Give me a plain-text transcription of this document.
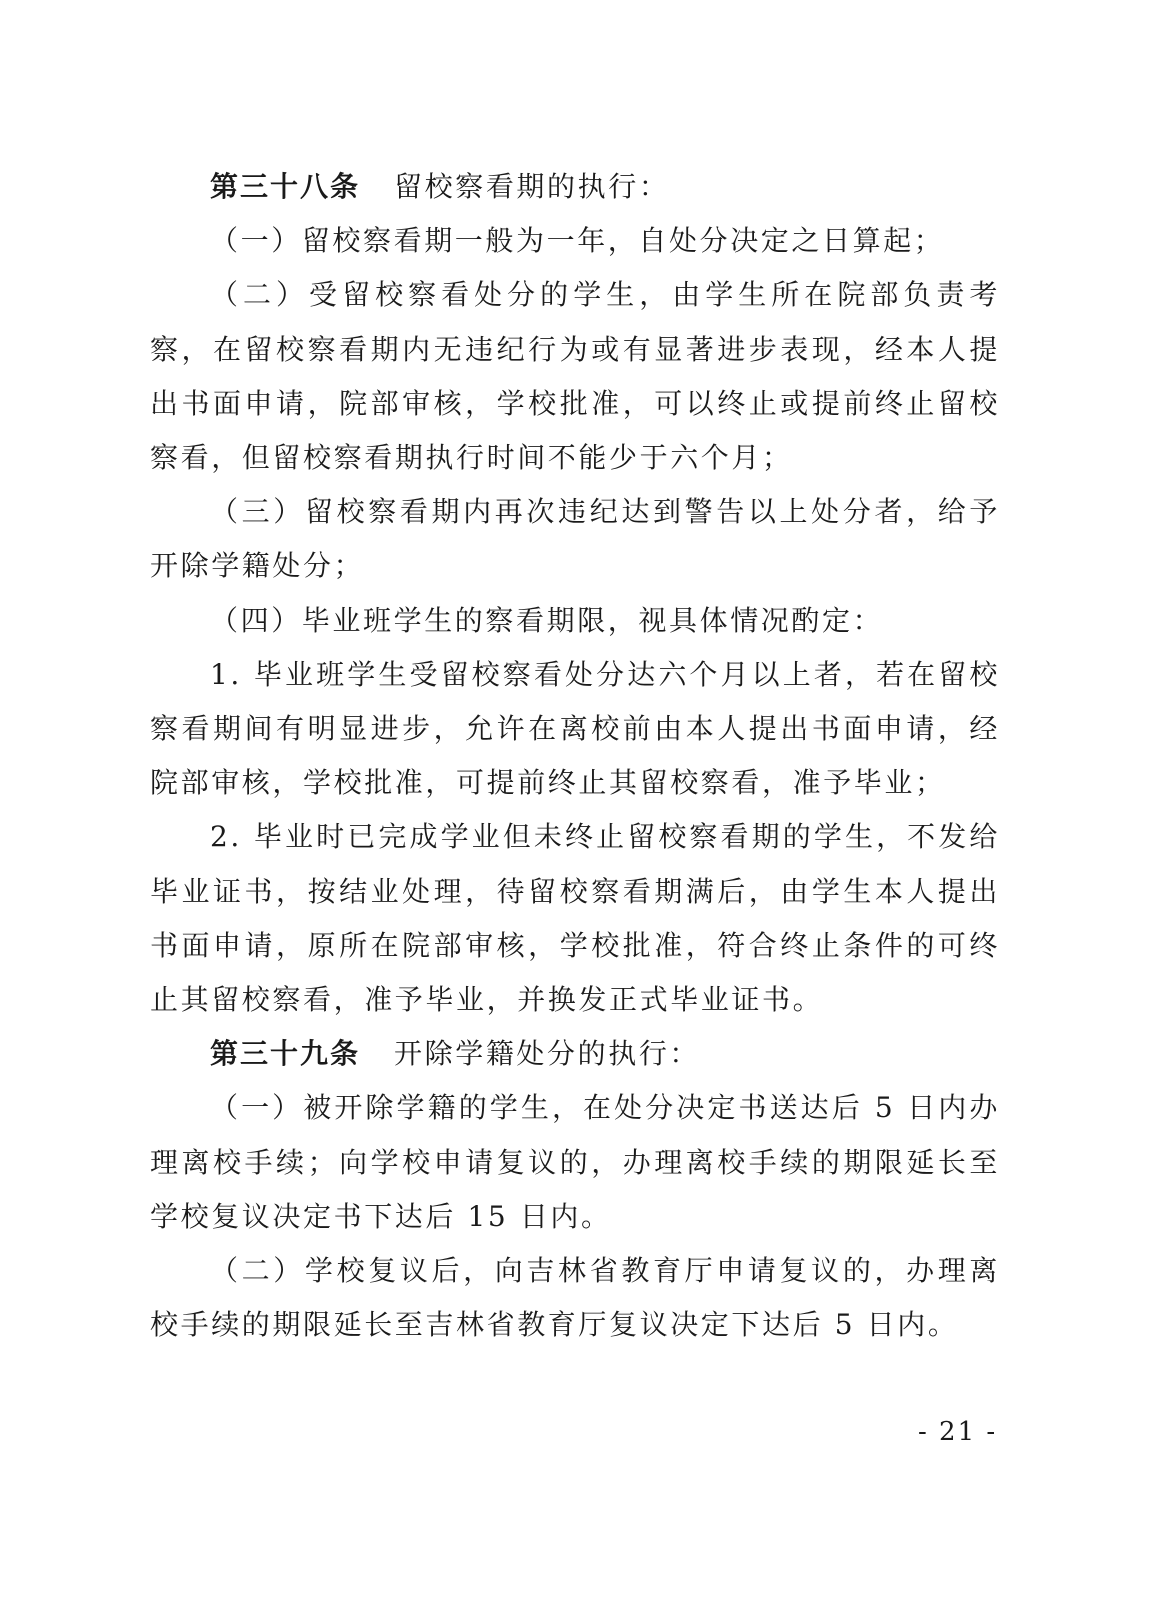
第三十八条 留校察看期的执行：

（一）留校察看期一般为一年，自处分决定之日算起；

（二）受留校察看处分的学生，由学生所在院部负责考察，在留校察看期内无违纪行为或有显著进步表现，经本人提出书面申请，院部审核，学校批准，可以终止或提前终止留校察看，但留校察看期执行时间不能少于六个月；

（三）留校察看期内再次违纪达到警告以上处分者，给予开除学籍处分；

（四）毕业班学生的察看期限，视具体情况酌定：

1. 毕业班学生受留校察看处分达六个月以上者，若在留校察看期间有明显进步，允许在离校前由本人提出书面申请，经院部审核，学校批准，可提前终止其留校察看，准予毕业；

2. 毕业时已完成学业但未终止留校察看期的学生，不发给毕业证书，按结业处理，待留校察看期满后，由学生本人提出书面申请，原所在院部审核，学校批准，符合终止条件的可终止其留校察看，准予毕业，并换发正式毕业证书。

第三十九条 开除学籍处分的执行：

（一）被开除学籍的学生，在处分决定书送达后 5 日内办理离校手续；向学校申请复议的，办理离校手续的期限延长至学校复议决定书下达后 15 日内。

（二）学校复议后，向吉林省教育厅申请复议的，办理离校手续的期限延长至吉林省教育厅复议决定下达后 5 日内。

- 21 -
